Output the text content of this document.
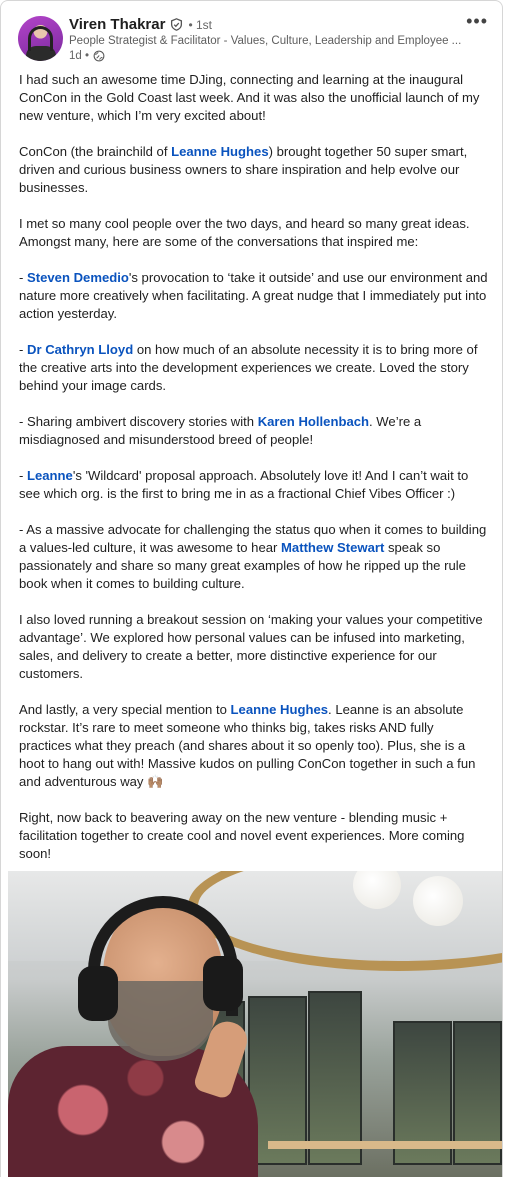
Viren Thakrar • 1st
People Strategist & Facilitator - Values, Culture, Leadership and Employee ...
1d •
•••

I had such an awesome time DJing, connecting and learning at the inaugural ConCon in the Gold Coast last week. And it was also the unofficial launch of my new venture, which I’m very excited about!

ConCon (the brainchild of Leanne Hughes) brought together 50 super smart, driven and curious business owners to share inspiration and help evolve our businesses.

I met so many cool people over the two days, and heard so many great ideas. Amongst many, here are some of the conversations that inspired me:

- Steven Demedio's provocation to ‘take it outside’ and use our environment and nature more creatively when facilitating. A great nudge that I immediately put into action yesterday.

- Dr Cathryn Lloyd on how much of an absolute necessity it is to bring more of the creative arts into the development experiences we create. Loved the story behind your image cards.

- Sharing ambivert discovery stories with Karen Hollenbach. We’re a misdiagnosed and misunderstood breed of people!

- Leanne's 'Wildcard' proposal approach. Absolutely love it! And I can’t wait to see which org. is the first to bring me in as a fractional Chief Vibes Officer :)

- As a massive advocate for challenging the status quo when it comes to building a values-led culture, it was awesome to hear Matthew Stewart speak so passionately and share so many great examples of how he ripped up the rule book when it comes to building culture.

I also loved running a breakout session on ‘making your values your competitive advantage’. We explored how personal values can be infused into marketing, sales, and delivery to create a better, more distinctive experience for our customers.

And lastly, a very special mention to Leanne Hughes. Leanne is an absolute rockstar. It’s rare to meet someone who thinks big, takes risks AND fully practices what they preach (and shares about it so openly too). Plus, she is a hoot to hang out with! Massive kudos on pulling ConCon together in such a fun and adventurous way 🙌🏽

Right, now back to beavering away on the new venture - blending music + facilitation together to create cool and novel event experiences. More coming soon!
